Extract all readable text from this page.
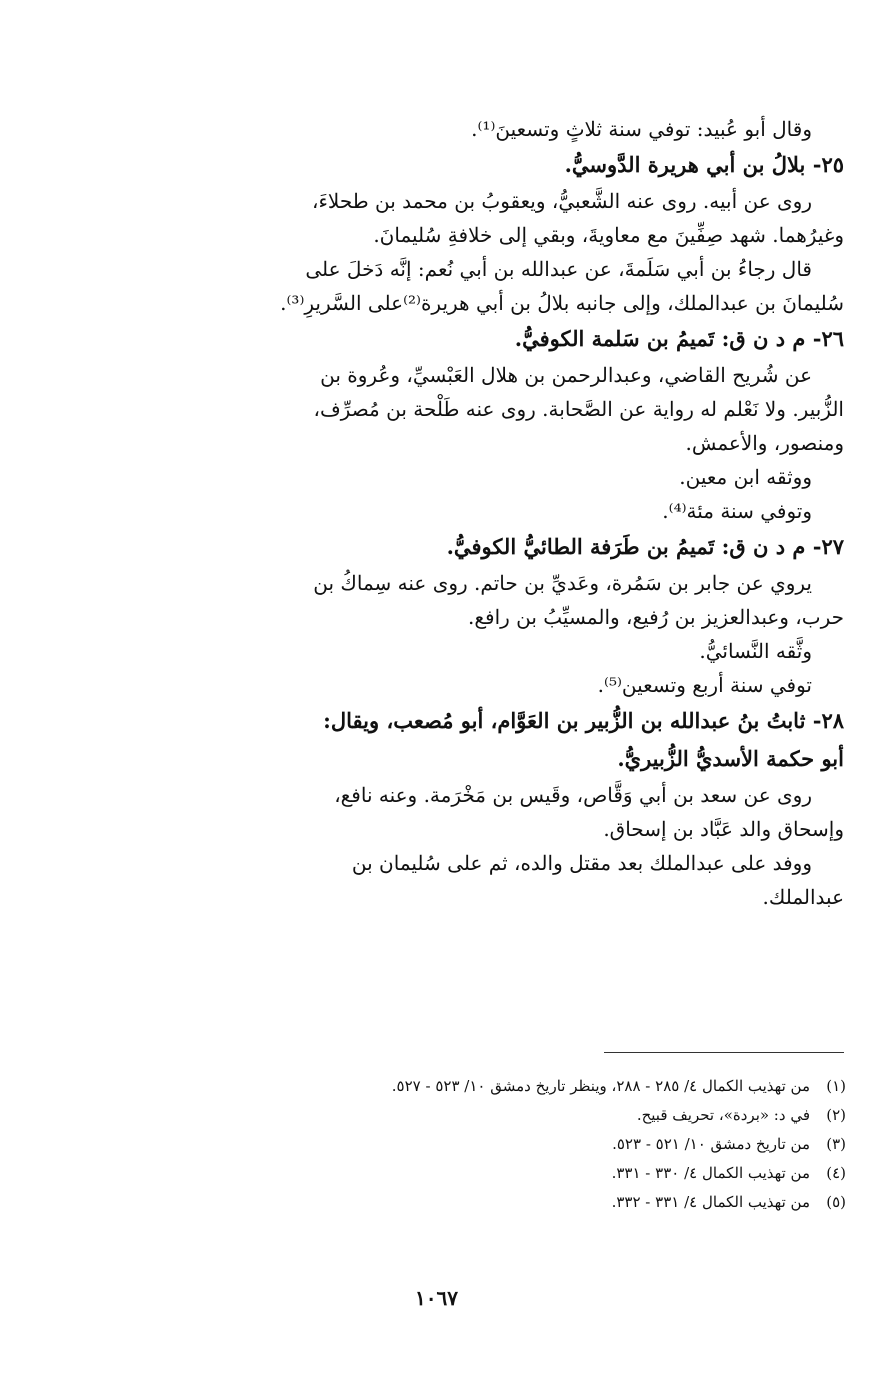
وقال أبو عُبيد: توفي سنة ثلاثٍ وتسعينَ⁽¹⁾.
٢٥- بلالُ بن أبي هريرة الدَّوسيُّ.
روى عن أبيه. روى عنه الشَّعبيُّ، ويعقوبُ بن محمد بن طحلاءَ،
وغيرُهما. شهد صِفِّينَ مع معاويةَ، وبقي إلى خلافةِ سُليمانَ.
قال رجاءُ بن أبي سَلَمةَ، عن عبدالله بن أبي نُعم: إنَّه دَخلَ على
سُليمانَ بن عبدالملك، وإلى جانبه بلالُ بن أبي هريرة⁽²⁾على السَّريرِ⁽³⁾.
٢٦- م د ن ق: تَميمُ بن سَلمة الكوفيُّ.
عن شُريح القاضي، وعبدالرحمن بن هلال العَبْسيِّ، وعُروة بن
الزُّبير. ولا نَعْلم له رواية عن الصَّحابة. روى عنه طَلْحة بن مُصرِّف،
ومنصور، والأعمش.
ووثقه ابن معين.
وتوفي سنة مئة⁽⁴⁾.
٢٧- م د ن ق: تَميمُ بن طَرَفة الطائيُّ الكوفيُّ.
يروي عن جابر بن سَمُرة، وعَديِّ بن حاتم. روى عنه سِماكُ بن
حرب، وعبدالعزيز بن رُفيع، والمسيِّبُ بن رافع.
وثَّقه النَّسائيُّ.
توفي سنة أربع وتسعين⁽⁵⁾.
٢٨- ثابتُ بنُ عبدالله بن الزُّبير بن العَوَّام، أبو مُصعب، ويقال:
أبو حكمة الأسديُّ الزُّبيريُّ.
روى عن سعد بن أبي وَقَّاص، وقَيس بن مَخْرَمة. وعنه نافع،
وإسحاق والد عَبَّاد بن إسحاق.
ووفد على عبدالملك بعد مقتل والده، ثم على سُليمان بن
عبدالملك.
(١)من تهذيب الكمال ٤/ ٢٨٥ - ٢٨٨، وينظر تاريخ دمشق ١٠/ ٥٢٣ - ٥٢٧.
(٢)في د: «بردة»، تحريف قبيح.
(٣)من تاريخ دمشق ١٠/ ٥٢١ - ٥٢٣.
(٤)من تهذيب الكمال ٤/ ٣٣٠ - ٣٣١.
(٥)من تهذيب الكمال ٤/ ٣٣١ - ٣٣٢.
١٠٦٧
